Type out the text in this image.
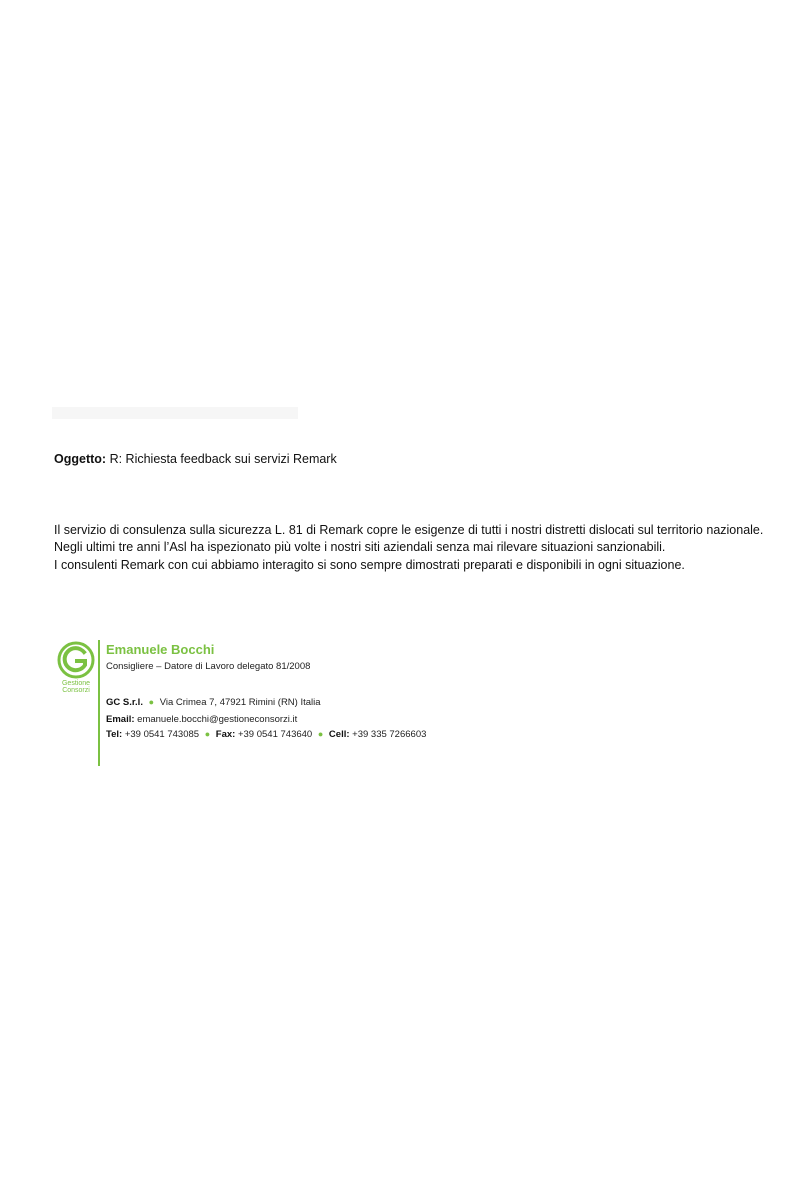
Oggetto: R: Richiesta feedback sui servizi Remark

Il servizio di consulenza sulla sicurezza L. 81 di Remark copre le esigenze di tutti i nostri distretti dislocati sul territorio nazionale.

Negli ultimi tre anni l’Asl ha ispezionato più volte i nostri siti aziendali senza mai rilevare situazioni sanzionabili.

I consulenti Remark con cui abbiamo interagito si sono sempre dimostrati preparati e disponibili in ogni situazione.

Gestione
Consorzi
Emanuele Bocchi
Consigliere – Datore di Lavoro delegato 81/2008
GC S.r.l. ● Via Crimea 7, 47921 Rimini (RN) Italia
Email: emanuele.bocchi@gestioneconsorzi.it
Tel: +39 0541 743085 ● Fax: +39 0541 743640 ● Cell: +39 335 7266603
